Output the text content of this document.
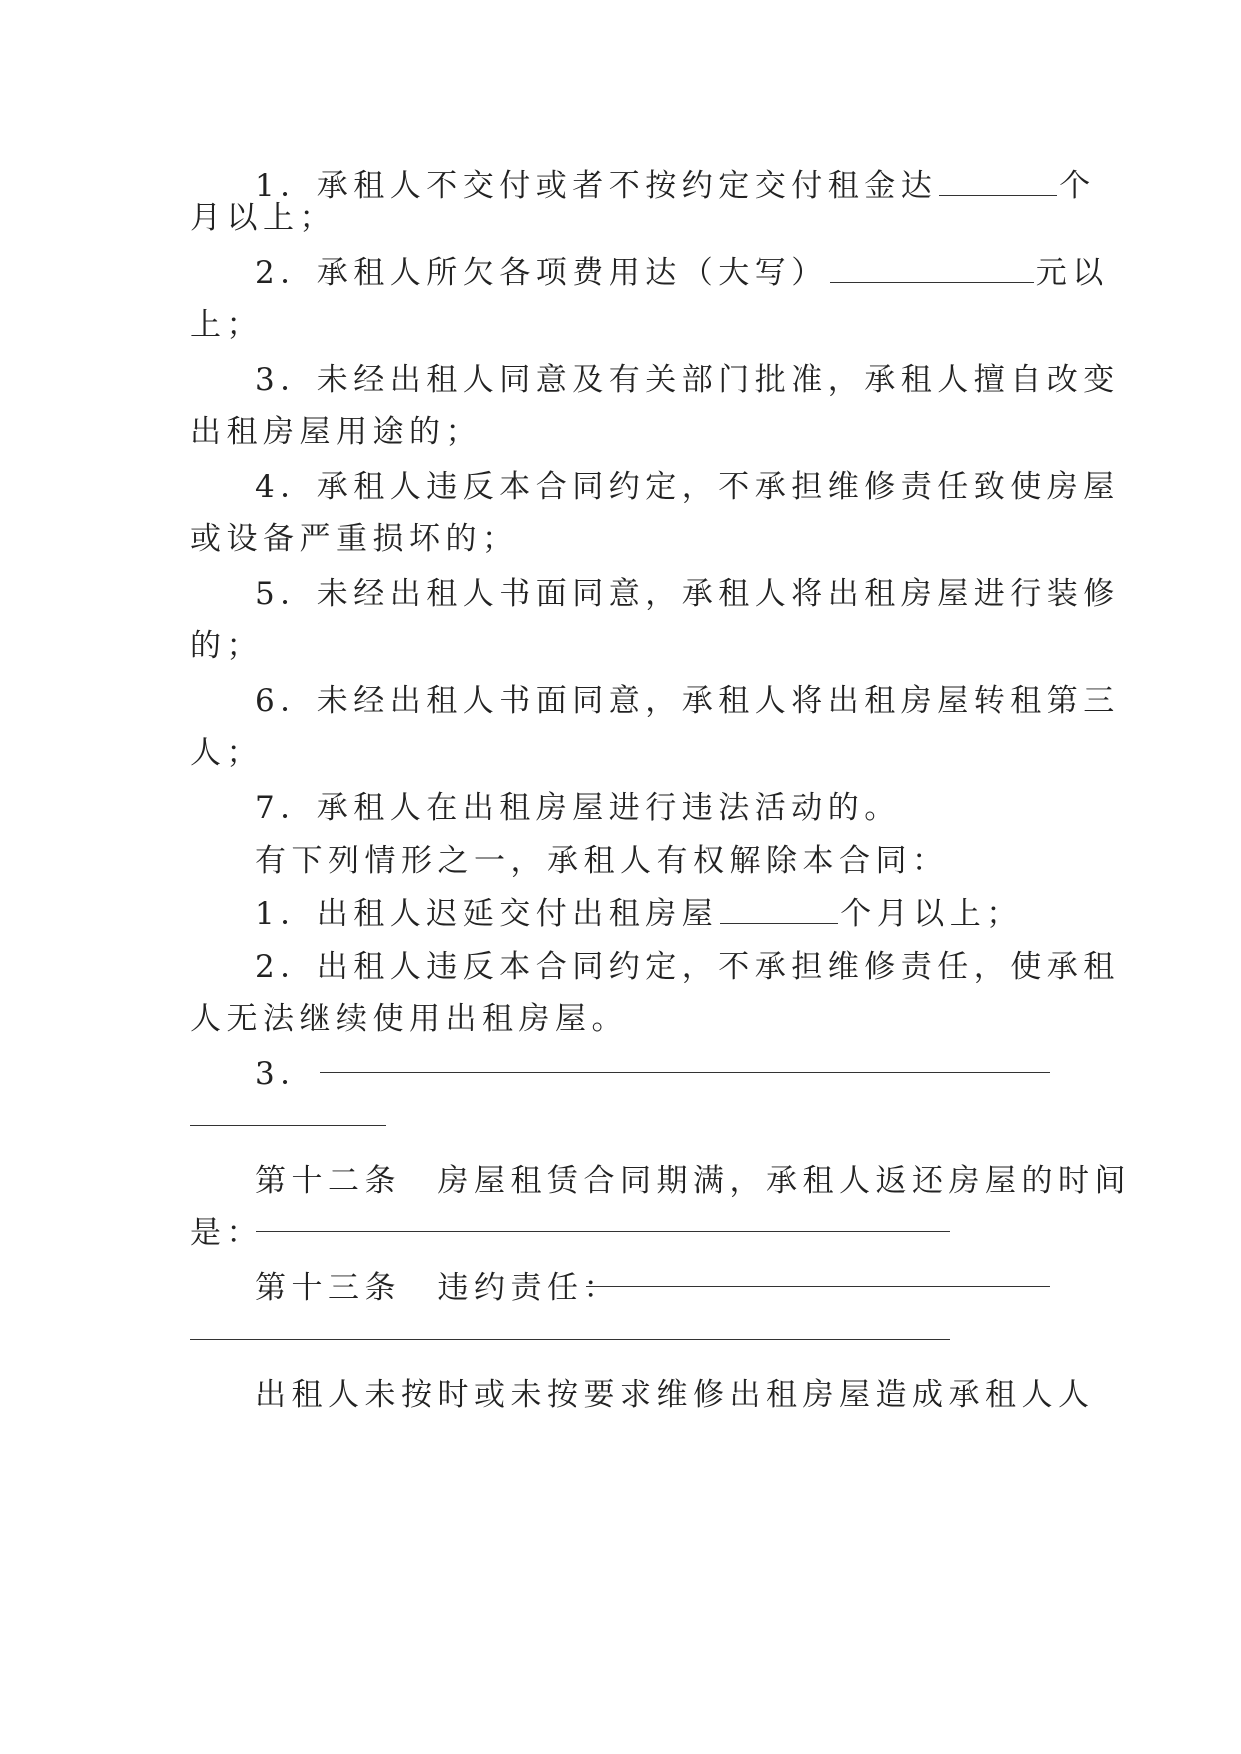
1．承租人不交付或者不按约定交付租金达	个
月以上；
2．承租人所欠各项费用达（大写）	元以
上；
3．未经出租人同意及有关部门批准，承租人擅自改变
出租房屋用途的；
4．承租人违反本合同约定，不承担维修责任致使房屋
或设备严重损坏的；
5．未经出租人书面同意，承租人将出租房屋进行装修
的；
6．未经出租人书面同意，承租人将出租房屋转租第三
人；
7．承租人在出租房屋进行违法活动的。
有下列情形之一，承租人有权解除本合同：
1．出租人迟延交付出租房屋	个月以上；
2．出租人违反本合同约定，不承担维修责任，使承租
人无法继续使用出租房屋。
3．
第十二条　房屋租赁合同期满，承租人返还房屋的时间
是：
第十三条　违约责任：
出租人未按时或未按要求维修出租房屋造成承租人人
